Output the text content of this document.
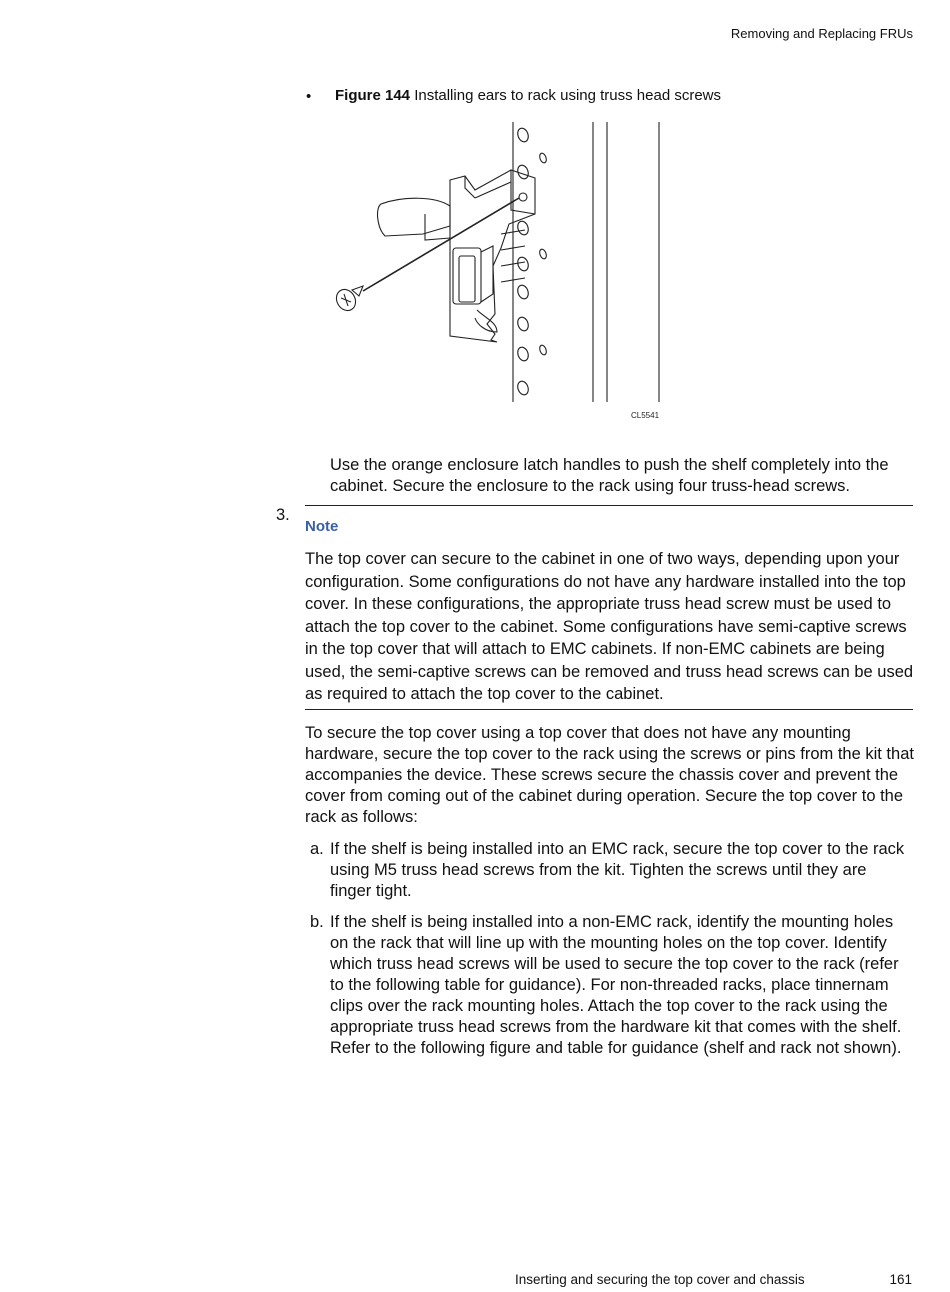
Removing and Replacing FRUs
• Figure 144 Installing ears to rack using truss head screws
CL5541
Use the orange enclosure latch handles to push the shelf completely into the cabinet. Secure the enclosure to the rack using four truss-head screws.
3.
Note
The top cover can secure to the cabinet in one of two ways, depending upon your configuration. Some configurations do not have any hardware installed into the top cover. In these configurations, the appropriate truss head screw must be used to attach the top cover to the cabinet. Some configurations have semi-captive screws in the top cover that will attach to EMC cabinets. If non-EMC cabinets are being used, the semi-captive screws can be removed and truss head screws can be used as required to attach the top cover to the cabinet.
To secure the top cover using a top cover that does not have any mounting hardware, secure the top cover to the rack using the screws or pins from the kit that accompanies the device. These screws secure the chassis cover and prevent the cover from coming out of the cabinet during operation. Secure the top cover to the rack as follows:
a. If the shelf is being installed into an EMC rack, secure the top cover to the rack using M5 truss head screws from the kit. Tighten the screws until they are finger tight.
b. If the shelf is being installed into a non-EMC rack, identify the mounting holes on the rack that will line up with the mounting holes on the top cover. Identify which truss head screws will be used to secure the top cover to the rack (refer to the following table for guidance). For non-threaded racks, place tinnernam clips over the rack mounting holes. Attach the top cover to the rack using the appropriate truss head screws from the hardware kit that comes with the shelf. Refer to the following figure and table for guidance (shelf and rack not shown).
Inserting and securing the top cover and chassis	161
